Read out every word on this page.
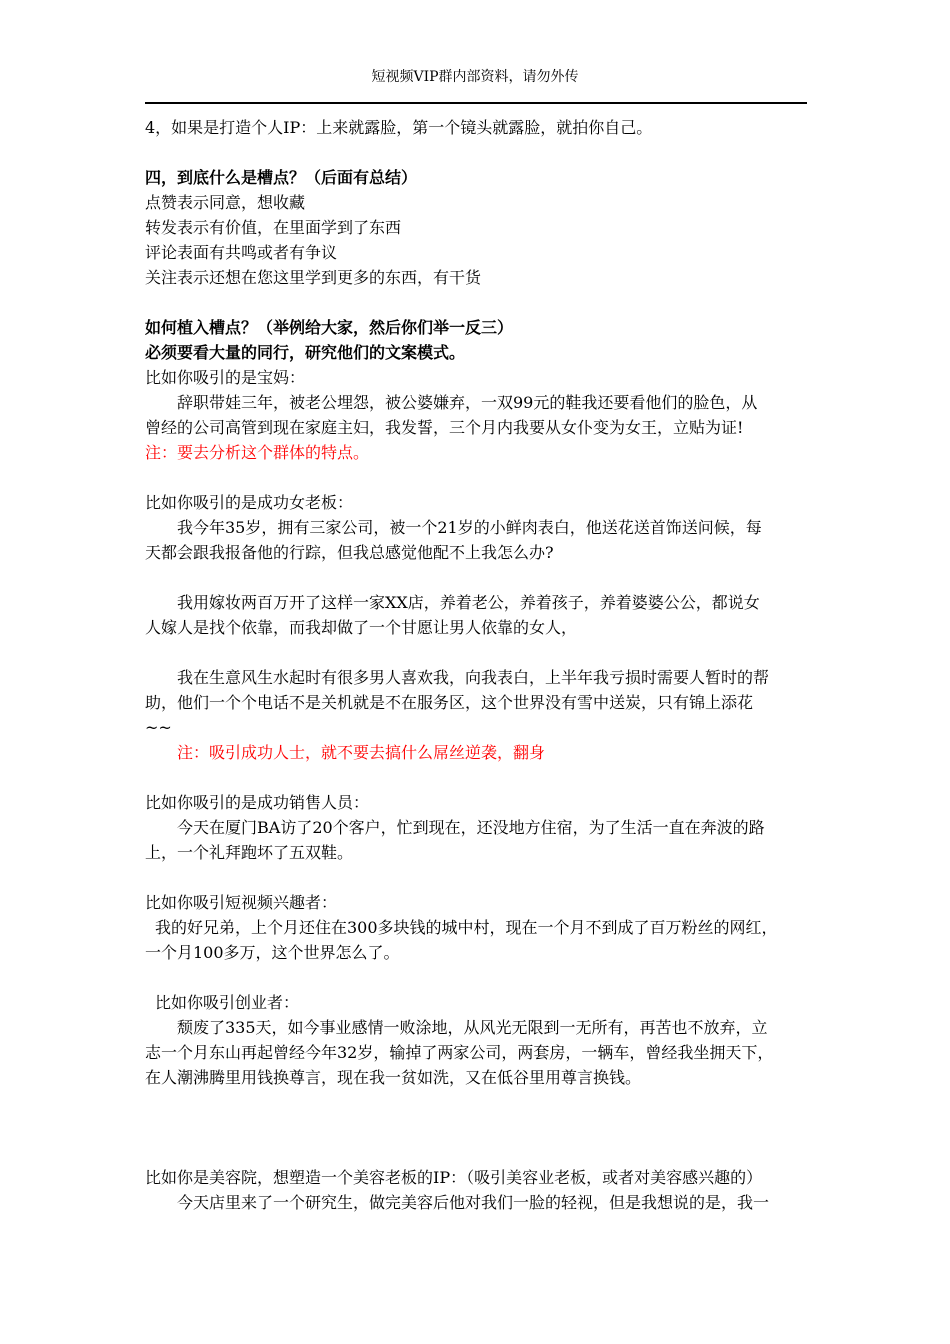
短视频VIP群内部资料，请勿外传
4，如果是打造个人IP：上来就露脸，第一个镜头就露脸，就拍你自己。
四，到底什么是槽点？（后面有总结）
点赞表示同意，想收藏
转发表示有价值，在里面学到了东西
评论表面有共鸣或者有争议
关注表示还想在您这里学到更多的东西，有干货
如何植入槽点？（举例给大家，然后你们举一反三）
必须要看大量的同行，研究他们的文案模式。
比如你吸引的是宝妈：
辞职带娃三年，被老公埋怨，被公婆嫌弃，一双99元的鞋我还要看他们的脸色，从
曾经的公司高管到现在家庭主妇，我发誓，三个月内我要从女仆变为女王，立贴为证!
注：要去分析这个群体的特点。
比如你吸引的是成功女老板：
我今年35岁，拥有三家公司，被一个21岁的小鲜肉表白，他送花送首饰送问候，每
天都会跟我报备他的行踪，但我总感觉他配不上我怎么办?
我用嫁妆两百万开了这样一家XX店，养着老公，养着孩子，养着婆婆公公，都说女
人嫁人是找个依靠，而我却做了一个甘愿让男人依靠的女人，
我在生意风生水起时有很多男人喜欢我，向我表白，上半年我亏损时需要人暂时的帮
助，他们一个个电话不是关机就是不在服务区，这个世界没有雪中送炭，只有锦上添花
~~
注：吸引成功人士，就不要去搞什么屌丝逆袭，翻身
比如你吸引的是成功销售人员：
今天在厦门BA访了20个客户，忙到现在，还没地方住宿，为了生活一直在奔波的路
上，一个礼拜跑坏了五双鞋。
比如你吸引短视频兴趣者：
我的好兄弟，上个月还住在300多块钱的城中村，现在一个月不到成了百万粉丝的网红，
一个月100多万，这个世界怎么了。
比如你吸引创业者：
颓废了335天，如今事业感情一败涂地，从风光无限到一无所有，再苦也不放弃，立
志一个月东山再起曾经今年32岁，输掉了两家公司，两套房，一辆车，曾经我坐拥天下，
在人潮沸腾里用钱换尊言，现在我一贫如洗，又在低谷里用尊言换钱。
比如你是美容院，想塑造一个美容老板的IP：（吸引美容业老板，或者对美容感兴趣的）
今天店里来了一个研究生，做完美容后他对我们一脸的轻视，但是我想说的是，我一
